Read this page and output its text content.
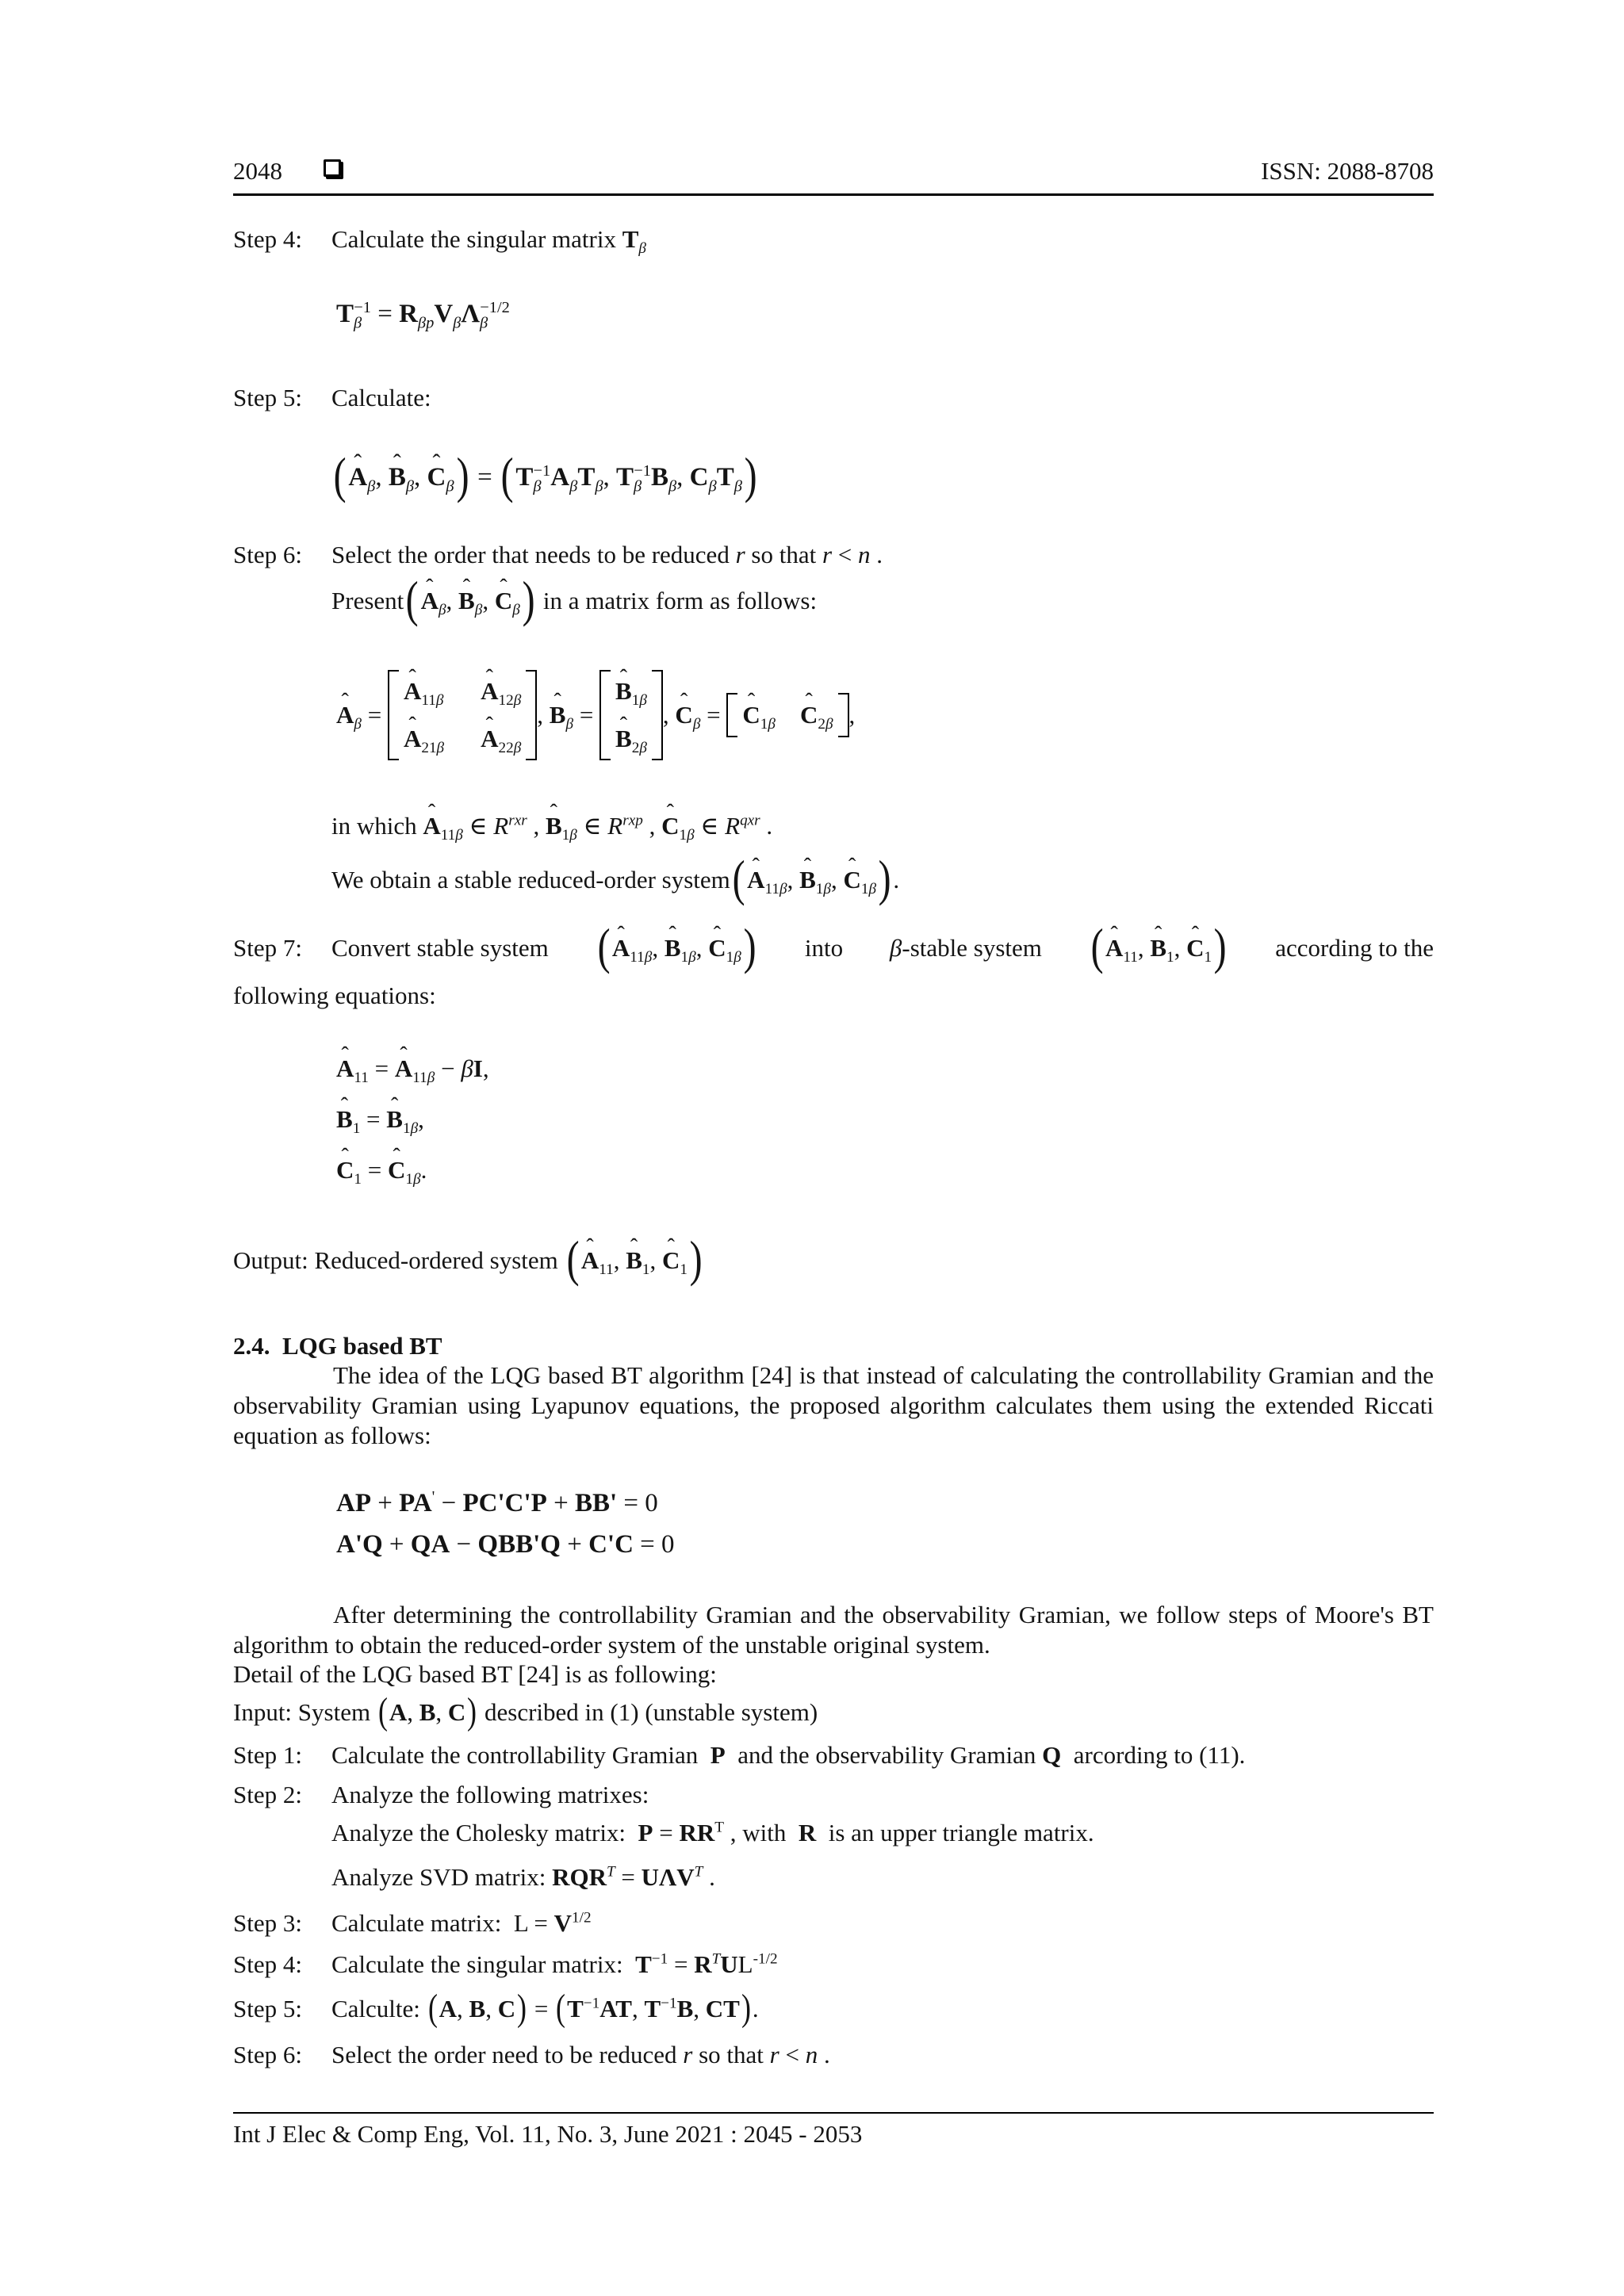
2048	ISSN: 2088-8708
Step 4: Calculate the singular matrix $T_\beta$
$T_\beta^{-1} = R_{\beta p}V_\beta\Lambda_\beta^{-1/2}$
Step 5: Calculate:
(ˆ $A_\beta$, ˆ $B_\beta$, ˆ $C_\beta) = (T_\beta^{-1}A_\beta T_\beta$, $T_\beta^{-1}B_\beta$, $C_\beta T_\beta$)
Step 6: Select the order that needs to be reduced r so that r < n .
Present(ˆ $A_\beta$, ˆ $B_\beta$, ˆ $C_\beta$) in a matrix form as follows:
ˆ $A_\beta$ =
ˆ $A_{11\beta}$ ˆ $A_{12\beta}$
ˆ $A_{21\beta}$ ˆ $A_{22\beta}$
, ˆ $B_\beta$ =
ˆ $B_{1\beta}$
ˆ $B_{2\beta}$
, ˆ $C_\beta$ = ˆ $C_{1\beta}$ ˆ $C_{2\beta}$ ,
in which ˆ $A_{11\beta}$ ∈ $R^{rxr}$ , ˆ $B_{1\beta}$ ∈ $R^{rxp}$ , ˆ $C_{1\beta}$ ∈ $R^{qxr}$ .
We obtain a stable reduced-order system(ˆ $A_{11\beta}$, ˆ $B_{1\beta}$, ˆ $C_{1\beta}$).
Step 7: Convert stable system (ˆ $A_{11\beta}$, ˆ $B_{1\beta}$, ˆ $C_{1\beta}$) into β-stable system (ˆ $A_{11}$, ˆ $B_1$, ˆ $C_1$) according to the
following equations:
ˆ $A_{11}$ = ˆ $A_{11\beta} - \beta I$,
ˆ $B_1$ = ˆ $B_{1\beta}$,
ˆ $C_1$ = ˆ $C_{1\beta}$.
Output: Reduced-ordered system (ˆ $A_{11}$, ˆ $B_1$, ˆ $C_1$)
2.4. LQG based BT
The idea of the LQG based BT algorithm [24] is that instead of calculating the controllability Gramian and the observability Gramian using Lyapunov equations, the proposed algorithm calculates them using the extended Riccati equation as follows:
AP + PA' − PC'C'P + BB' = 0
A'Q + QA − QBB'Q + C'C = 0
After determining the controllability Gramian and the observability Gramian, we follow steps of Moore's BT algorithm to obtain the reduced-order system of the unstable original system.
Detail of the LQG based BT [24] is as following:
Input: System (A, B, C) described in (1) (unstable system)
Step 1: Calculate the controllability Gramian P and the observability Gramian Q arcording to (11).
Step 2: Analyze the following matrixes:
Analyze the Cholesky matrix: $P = RR^T$ , with R is an upper triangle matrix.
Analyze SVD matrix: $RQR^T = U\Lambda V^T$ .
Step 3: Calculate matrix:  $L = V^{1/2}$
Step 4: Calculate the singular matrix: $T^{-1} = R^TUL^{-1/2}$
Step 5: Calculte: (A, B, $C) = (T^{-1}AT$, $T^{-1}B$, CT).
Step 6: Select the order need to be reduced r so that r < n .
Int J Elec & Comp Eng, Vol. 11, No. 3, June 2021 : 2045 - 2053
